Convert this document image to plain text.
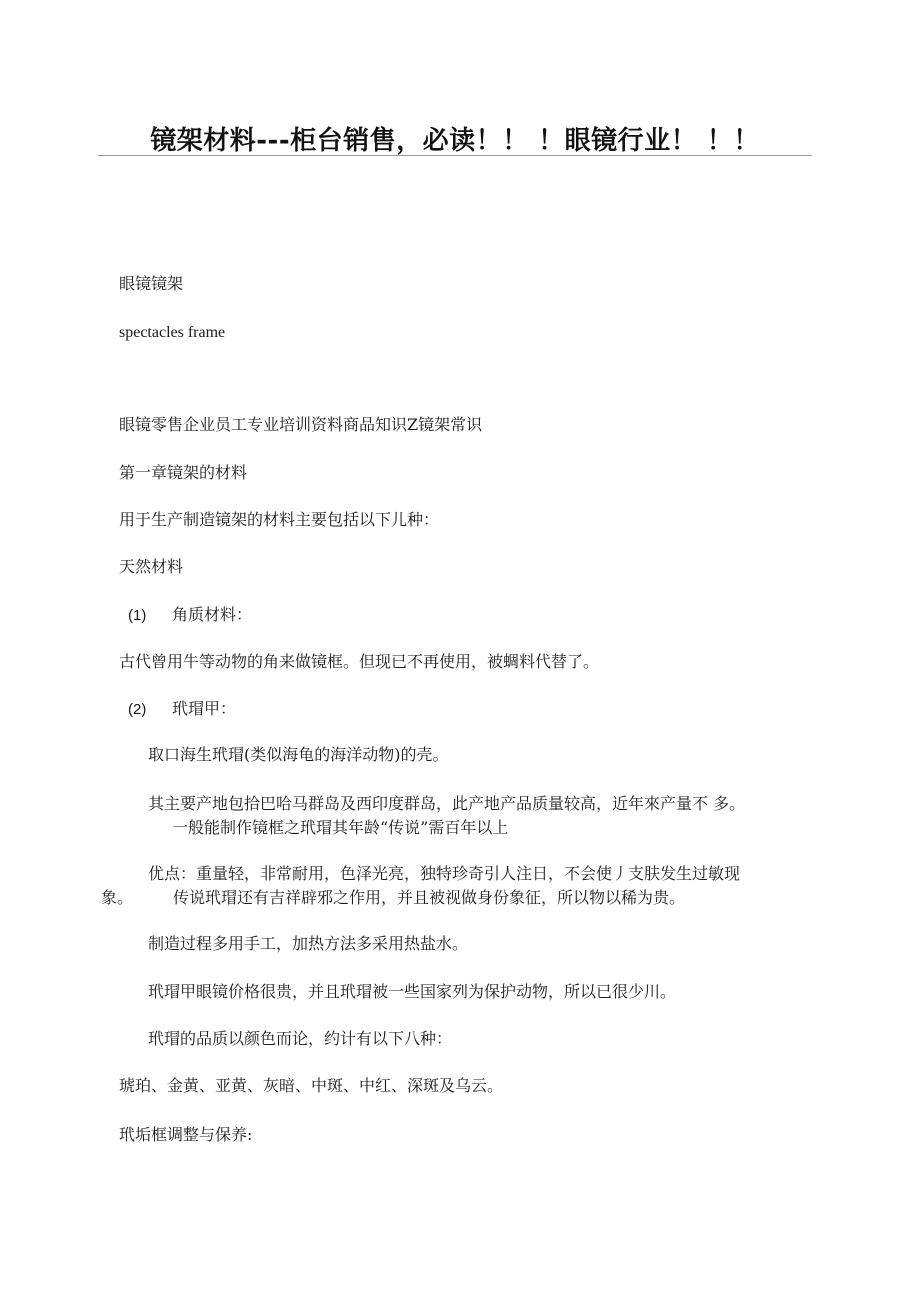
镜架材料---柜台销售，必读！！ ！眼镜行业！ ！！
眼镜镜架
spectacles frame
眼镜零售企业员工专业培训资料商品知识Z镜架常识
第一章镜架的材料
用于生产制造镜架的材料主要包括以下儿种：
天然材料
(1) 角质材料：
古代曾用牛等动物的角来做镜框。但现已不再使用，被蜩料代替了。
(2) 玳瑁甲：
取口海生玳瑁(类似海龟的海洋动物)的壳。
其主要产地包拾巴哈马群岛及西印度群岛，此产地产品质量较高，近年來产量不 多。
一般能制作镜框之玳瑁其年龄“传说”需百年以上
优点：重量轻，非常耐用，色泽光亮，独特珍奇引人注日，不会使丿支肤发生过敏现
象。 传说玳瑁还有吉祥辟邪之作用，并且被视做身份象征，所以物以稀为贵。
制造过程多用手工，加热方法多采用热盐水。
玳瑁甲眼镜价格很贵，并且玳瑁被一些国家列为保护动物，所以已很少川。
玳瑁的品质以颜色而论，约计有以下八种：
琥珀、金黄、亚黄、灰暗、中斑、中红、深斑及乌云。
玳垢框调整与保养:
